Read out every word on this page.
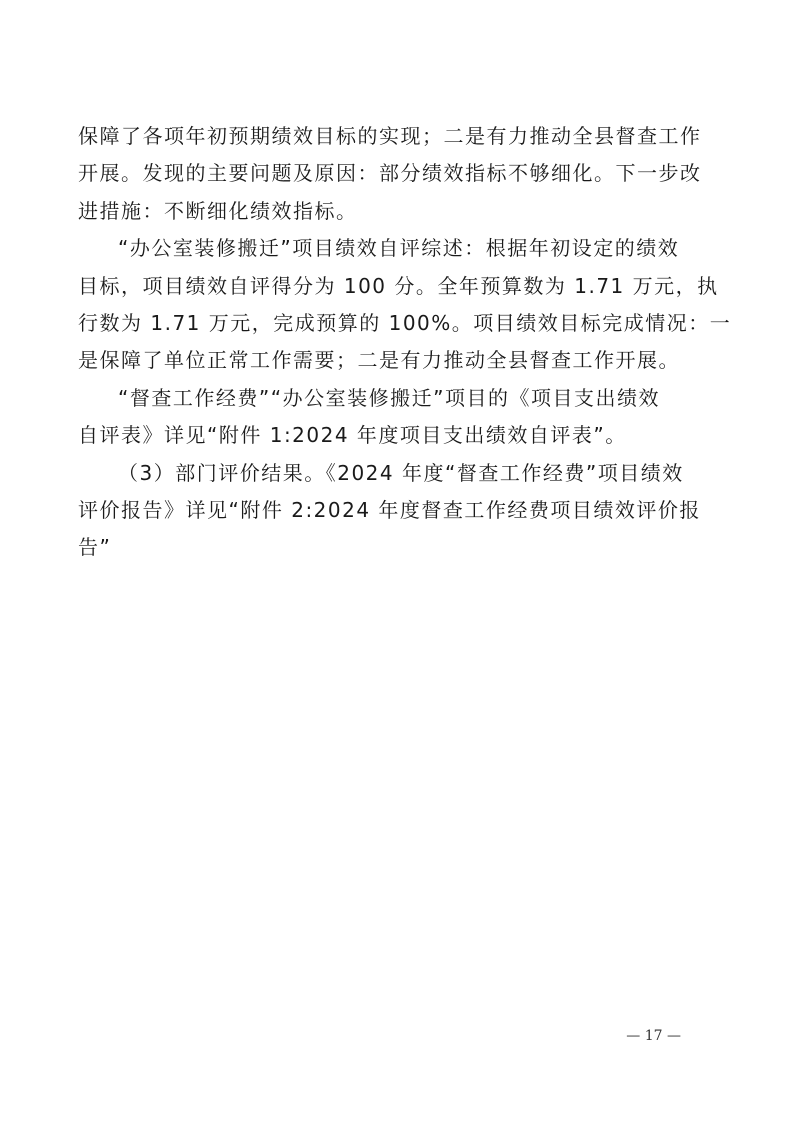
保障了各项年初预期绩效目标的实现；二是有力推动全县督查工作
开展。发现的主要问题及原因：部分绩效指标不够细化。下一步改
进措施：不断细化绩效指标。

“办公室装修搬迁”项目绩效自评综述：根据年初设定的绩效
目标，项目绩效自评得分为 100 分。全年预算数为 1.71 万元，执
行数为 1.71 万元，完成预算的 100%。项目绩效目标完成情况：一
是保障了单位正常工作需要；二是有力推动全县督查工作开展。

“督查工作经费”“办公室装修搬迁”项目的《项目支出绩效
自评表》详见“附件 1:2024 年度项目支出绩效自评表”。

（3）部门评价结果。《2024 年度“督查工作经费”项目绩效
评价报告》详见“附件 2:2024 年度督查工作经费项目绩效评价报
告”

— 17 —
